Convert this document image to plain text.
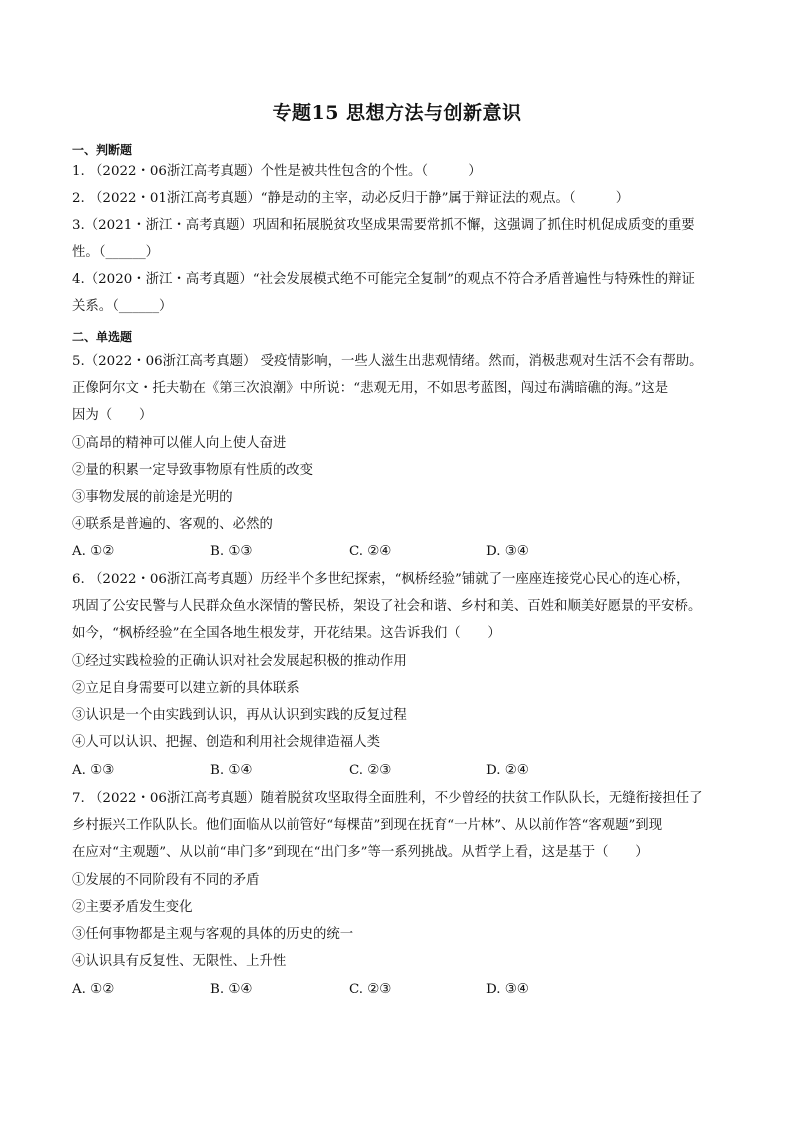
专题15 思想方法与创新意识
一、判断题
1. （2022・06浙江高考真题）个性是被共性包含的个性。（　　　）
2. （2022・01浙江高考真题）“静是动的主宰，动必反归于静”属于辩证法的观点。（　　　）
3.（2021・浙江・高考真题）巩固和拓展脱贫攻坚成果需要常抓不懈，这强调了抓住时机促成质变的重要
性。（______）
4.（2020・浙江・高考真题）“社会发展模式绝不可能完全复制”的观点不符合矛盾普遍性与特殊性的辩证
关系。（______）
二、单选题
5.（2022・06浙江高考真题） 受疫情影响，一些人滋生出悲观情绪。然而，消极悲观对生活不会有帮助。
正像阿尔文・托夫勒在《第三次浪潮》中所说：“悲观无用，不如思考蓝图，闯过布满暗礁的海。”这是
因为（　　）
①高昂的精神可以催人向上使人奋进
②量的积累一定导致事物原有性质的改变
③事物发展的前途是光明的
④联系是普遍的、客观的、必然的
A. ①②	B. ①③	C. ②④	D. ③④
6. （2022・06浙江高考真题）历经半个多世纪探索，“枫桥经验”铺就了一座座连接党心民心的连心桥，
巩固了公安民警与人民群众鱼水深情的警民桥，架设了社会和谐、乡村和美、百姓和顺美好愿景的平安桥。
如今，“枫桥经验”在全国各地生根发芽，开花结果。这告诉我们（　　）
①经过实践检验的正确认识对社会发展起积极的推动作用
②立足自身需要可以建立新的具体联系
③认识是一个由实践到认识，再从认识到实践的反复过程
④人可以认识、把握、创造和利用社会规律造福人类
A. ①③	B. ①④	C. ②③	D. ②④
7. （2022・06浙江高考真题）随着脱贫攻坚取得全面胜利，不少曾经的扶贫工作队队长，无缝衔接担任了
乡村振兴工作队队长。他们面临从以前管好“每棵苗”到现在抚育“一片林”、从以前作答“客观题”到现
在应对“主观题”、从以前“串门多”到现在“出门多”等一系列挑战。从哲学上看，这是基于（　　）
①发展的不同阶段有不同的矛盾
②主要矛盾发生变化
③任何事物都是主观与客观的具体的历史的统一
④认识具有反复性、无限性、上升性
A. ①②	B. ①④	C. ②③	D. ③④
